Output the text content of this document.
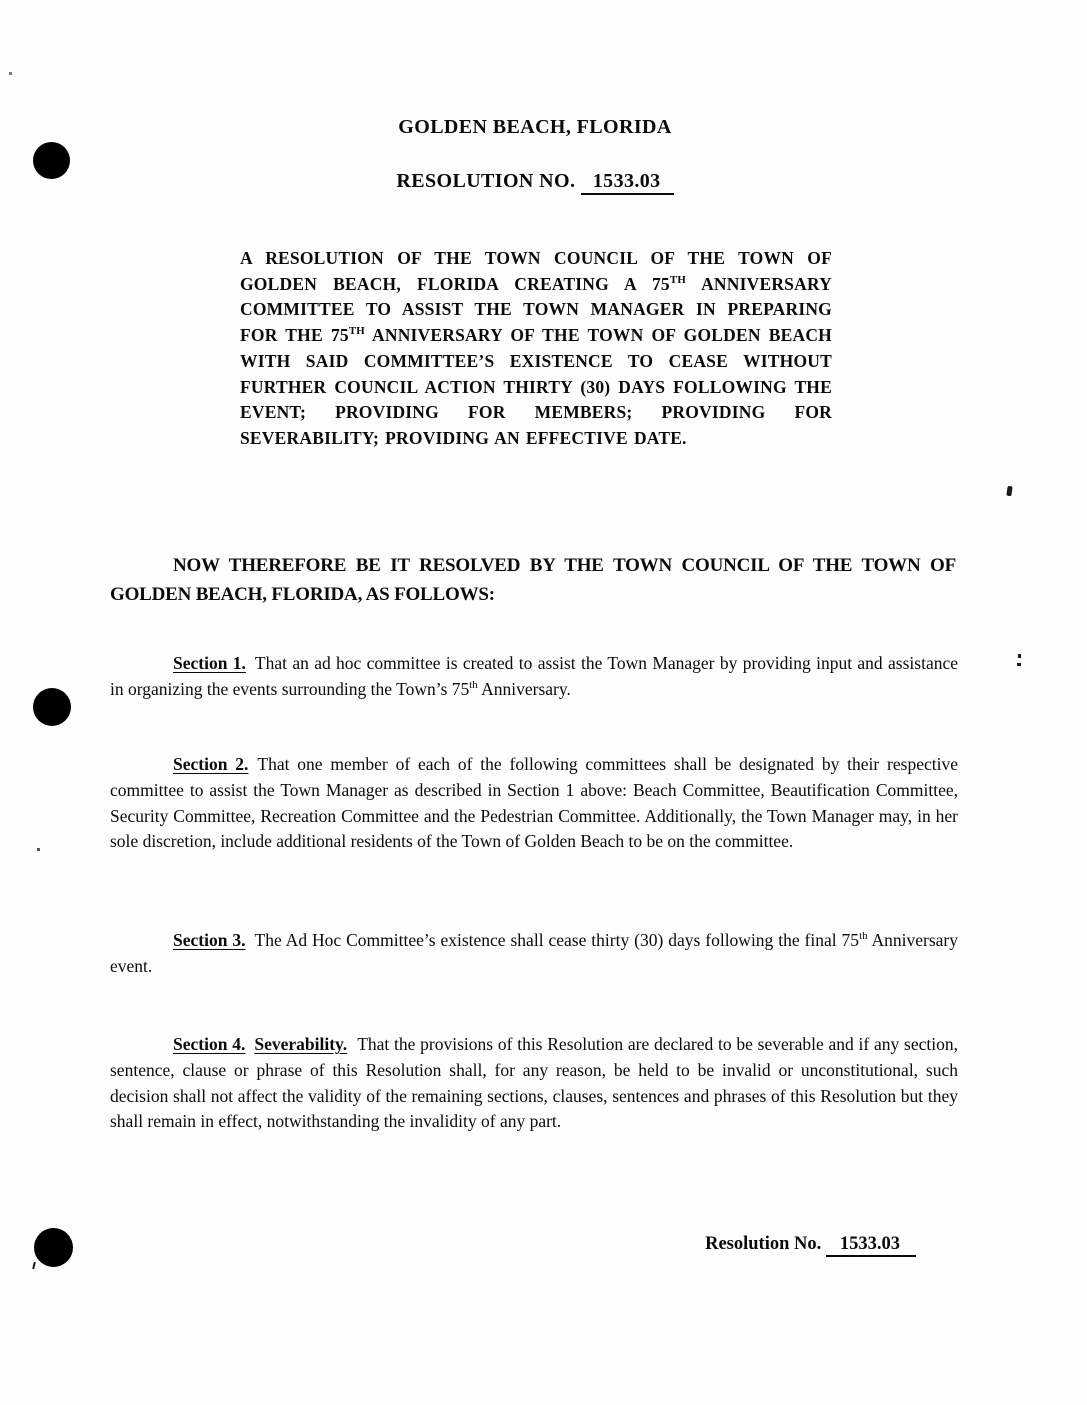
GOLDEN BEACH, FLORIDA
RESOLUTION NO. 1533.03
A RESOLUTION OF THE TOWN COUNCIL OF THE TOWN OF GOLDEN BEACH, FLORIDA CREATING A 75TH ANNIVERSARY COMMITTEE TO ASSIST THE TOWN MANAGER IN PREPARING FOR THE 75TH ANNIVERSARY OF THE TOWN OF GOLDEN BEACH WITH SAID COMMITTEE’S EXISTENCE TO CEASE WITHOUT FURTHER COUNCIL ACTION THIRTY (30) DAYS FOLLOWING THE EVENT; PROVIDING FOR MEMBERS; PROVIDING FOR SEVERABILITY; PROVIDING AN EFFECTIVE DATE.
NOW THEREFORE BE IT RESOLVED BY THE TOWN COUNCIL OF THE TOWN OF GOLDEN BEACH, FLORIDA, AS FOLLOWS:
Section 1. That an ad hoc committee is created to assist the Town Manager by providing input and assistance in organizing the events surrounding the Town’s 75th Anniversary.
Section 2. That one member of each of the following committees shall be designated by their respective committee to assist the Town Manager as described in Section 1 above: Beach Committee, Beautification Committee, Security Committee, Recreation Committee and the Pedestrian Committee. Additionally, the Town Manager may, in her sole discretion, include additional residents of the Town of Golden Beach to be on the committee.
Section 3. The Ad Hoc Committee’s existence shall cease thirty (30) days following the final 75th Anniversary event.
Section 4. Severability. That the provisions of this Resolution are declared to be severable and if any section, sentence, clause or phrase of this Resolution shall, for any reason, be held to be invalid or unconstitutional, such decision shall not affect the validity of the remaining sections, clauses, sentences and phrases of this Resolution but they shall remain in effect, notwithstanding the invalidity of any part.
Resolution No. 1533.03
